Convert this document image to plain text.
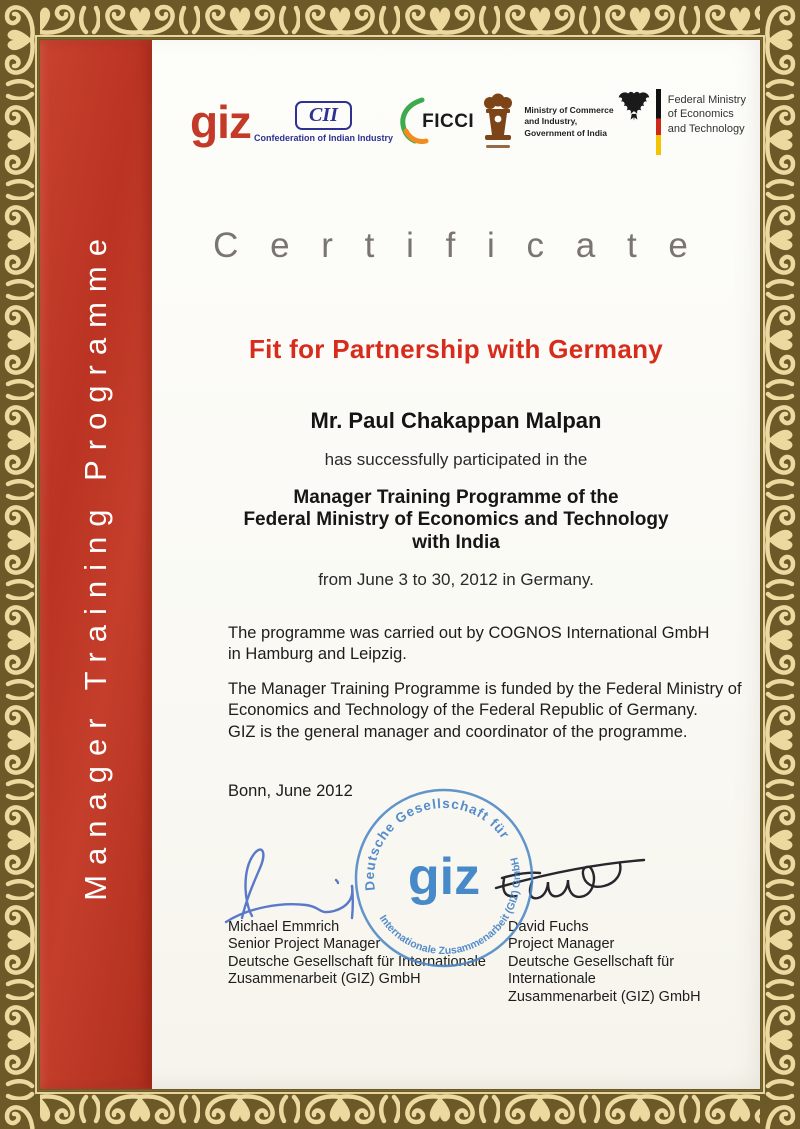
Manager Training Programme
giz	CII
Confederation of Indian Industry
FICCI
Ministry of Commerce
and Industry,
Government of India
Federal Ministry
of Economics
and Technology
C e r t i f i c a t e
Fit for Partnership with Germany
Mr. Paul Chakappan Malpan
has successfully participated in the
Manager Training Programme of the
Federal Ministry of Economics and Technology
with India
from June 3 to 30, 2012 in Germany.
The programme was carried out by COGNOS International GmbH
in Hamburg and Leipzig.
The Manager Training Programme is funded by the Federal Ministry of
Economics and Technology of the Federal Republic of Germany.
GIZ is the general manager and coordinator of the programme.
Bonn, June 2012
Deutsche Gesellschaft für
Internationale Zusammenarbeit (GIZ) GmbH
giz
Michael Emmrich
Senior Project Manager
Deutsche Gesellschaft für Internationale
Zusammenarbeit (GIZ) GmbH
David Fuchs
Project Manager
Deutsche Gesellschaft für Internationale
Zusammenarbeit (GIZ) GmbH
